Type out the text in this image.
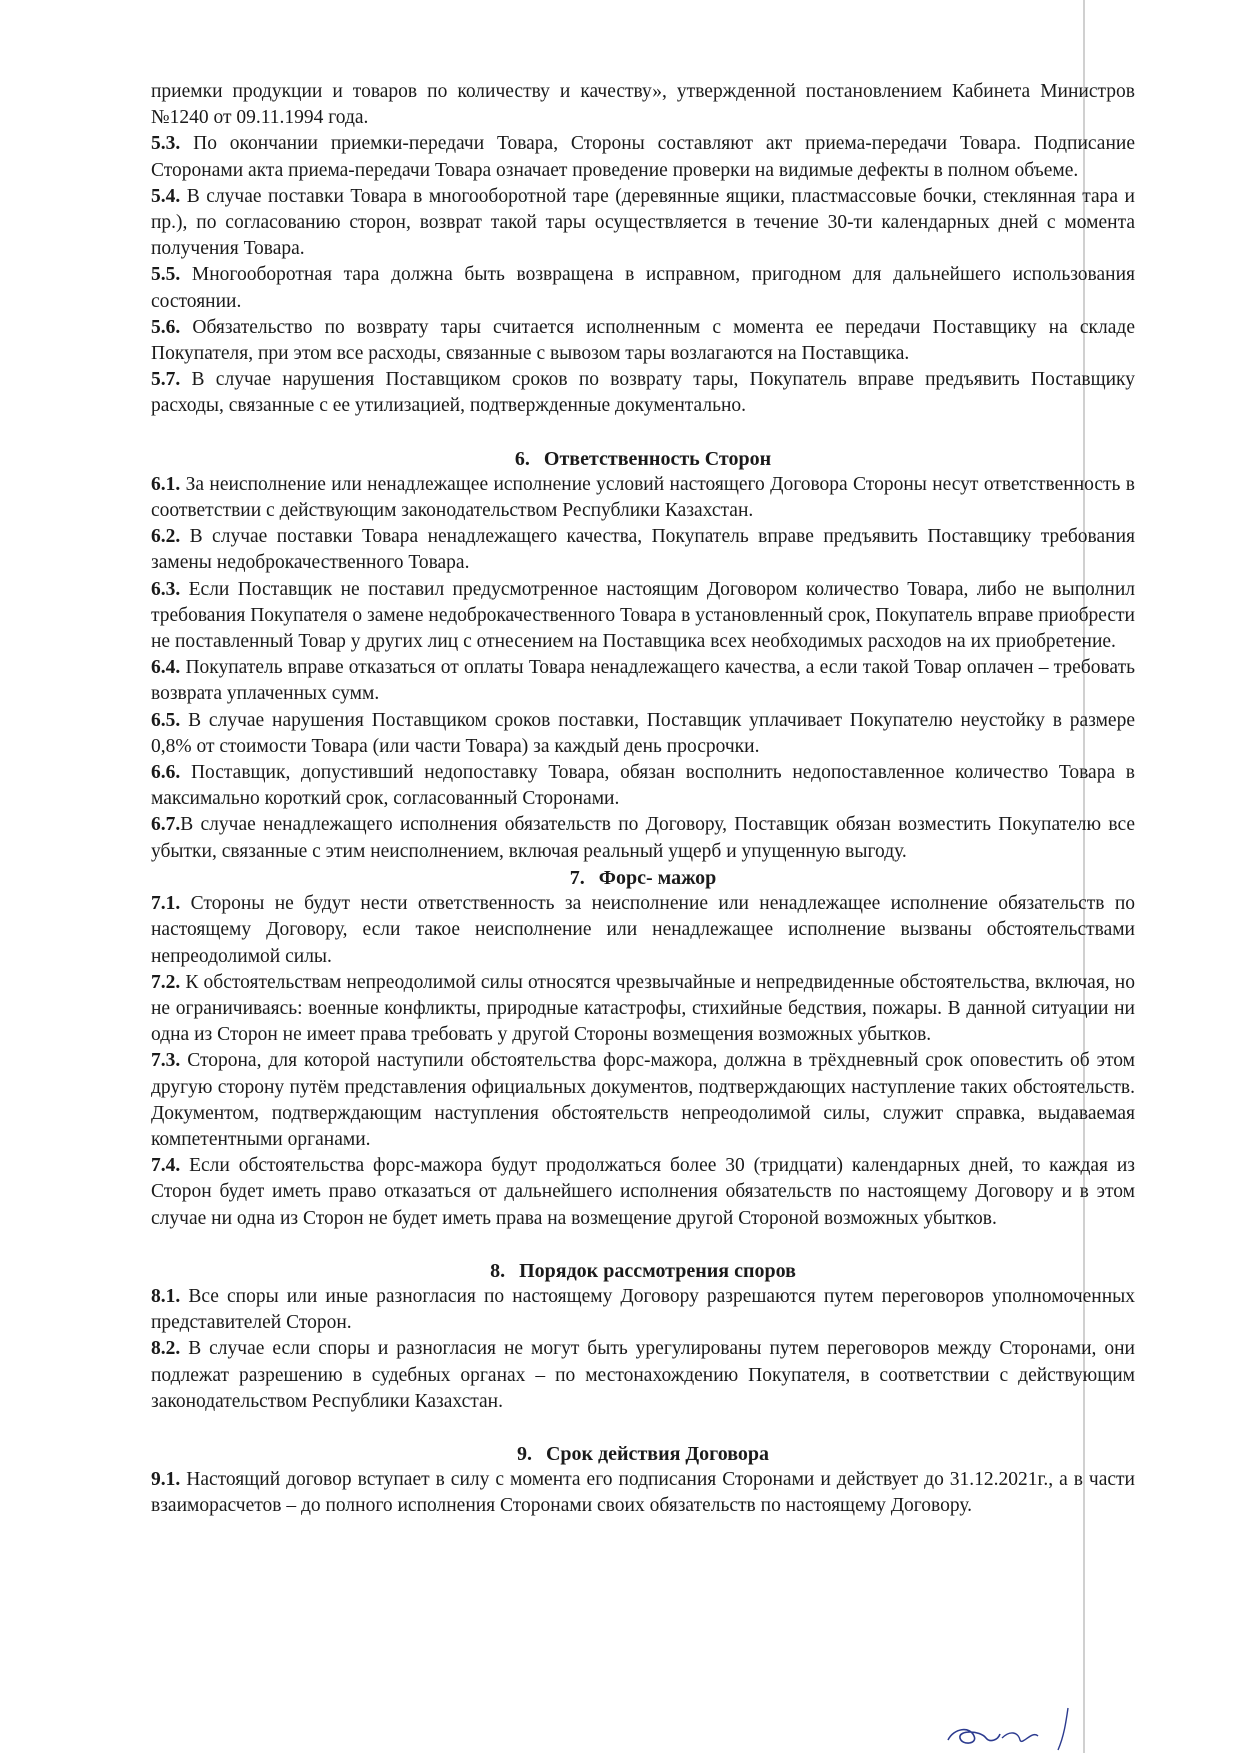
приемки продукции и товаров по количеству и качеству», утвержденной постановлением Кабинета Министров №1240 от 09.11.1994 года.

5.3. По окончании приемки-передачи Товара, Стороны составляют акт приема-передачи Товара. Подписание Сторонами акта приема-передачи Товара означает проведение проверки на видимые дефекты в полном объеме.

5.4. В случае поставки Товара в многооборотной таре (деревянные ящики, пластмассовые бочки, стеклянная тара и пр.), по согласованию сторон, возврат такой тары осуществляется в течение 30-ти календарных дней с момента получения Товара.

5.5. Многооборотная тара должна быть возвращена в исправном, пригодном для дальнейшего использования состоянии.

5.6. Обязательство по возврату тары считается исполненным с момента ее передачи Поставщику на складе Покупателя, при этом все расходы, связанные с вывозом тары возлагаются на Поставщика.

5.7. В случае нарушения Поставщиком сроков по возврату тары, Покупатель вправе предъявить Поставщику расходы, связанные с ее утилизацией, подтвержденные документально.

6. Ответственность Сторон

6.1. За неисполнение или ненадлежащее исполнение условий настоящего Договора Стороны несут ответственность в соответствии с действующим законодательством Республики Казахстан.

6.2. В случае поставки Товара ненадлежащего качества, Покупатель вправе предъявить Поставщику требования замены недоброкачественного Товара.

6.3. Если Поставщик не поставил предусмотренное настоящим Договором количество Товара, либо не выполнил требования Покупателя о замене недоброкачественного Товара в установленный срок, Покупатель вправе приобрести не поставленный Товар у других лиц с отнесением на Поставщика всех необходимых расходов на их приобретение.

6.4. Покупатель вправе отказаться от оплаты Товара ненадлежащего качества, а если такой Товар оплачен – требовать возврата уплаченных сумм.

6.5. В случае нарушения Поставщиком сроков поставки, Поставщик уплачивает Покупателю неустойку в размере 0,8% от стоимости Товара (или части Товара) за каждый день просрочки.

6.6. Поставщик, допустивший недопоставку Товара, обязан восполнить недопоставленное количество Товара в максимально короткий срок, согласованный Сторонами.

6.7.В случае ненадлежащего исполнения обязательств по Договору, Поставщик обязан возместить Покупателю все убытки, связанные с этим неисполнением, включая реальный ущерб и упущенную выгоду.

7. Форс- мажор

7.1. Стороны не будут нести ответственность за неисполнение или ненадлежащее исполнение обязательств по настоящему Договору, если такое неисполнение или ненадлежащее исполнение вызваны обстоятельствами непреодолимой силы.

7.2. К обстоятельствам непреодолимой силы относятся чрезвычайные и непредвиденные обстоятельства, включая, но не ограничиваясь: военные конфликты, природные катастрофы, стихийные бедствия, пожары. В данной ситуации ни одна из Сторон не имеет права требовать у другой Стороны возмещения возможных убытков.

7.3. Сторона, для которой наступили обстоятельства форс-мажора, должна в трёхдневный срок оповестить об этом другую сторону путём представления официальных документов, подтверждающих наступление таких обстоятельств. Документом, подтверждающим наступления обстоятельств непреодолимой силы, служит справка, выдаваемая компетентными органами.

7.4. Если обстоятельства форс-мажора будут продолжаться более 30 (тридцати) календарных дней, то каждая из Сторон будет иметь право отказаться от дальнейшего исполнения обязательств по настоящему Договору и в этом случае ни одна из Сторон не будет иметь права на возмещение другой Стороной возможных убытков.

8. Порядок рассмотрения споров

8.1. Все споры или иные разногласия по настоящему Договору разрешаются путем переговоров уполномоченных представителей Сторон.

8.2. В случае если споры и разногласия не могут быть урегулированы путем переговоров между Сторонами, они подлежат разрешению в судебных органах – по местонахождению Покупателя, в соответствии с действующим законодательством Республики Казахстан.

9. Срок действия Договора

9.1. Настоящий договор вступает в силу с момента его подписания Сторонами и действует до 31.12.2021г., а в части взаиморасчетов – до полного исполнения Сторонами своих обязательств по настоящему Договору.
